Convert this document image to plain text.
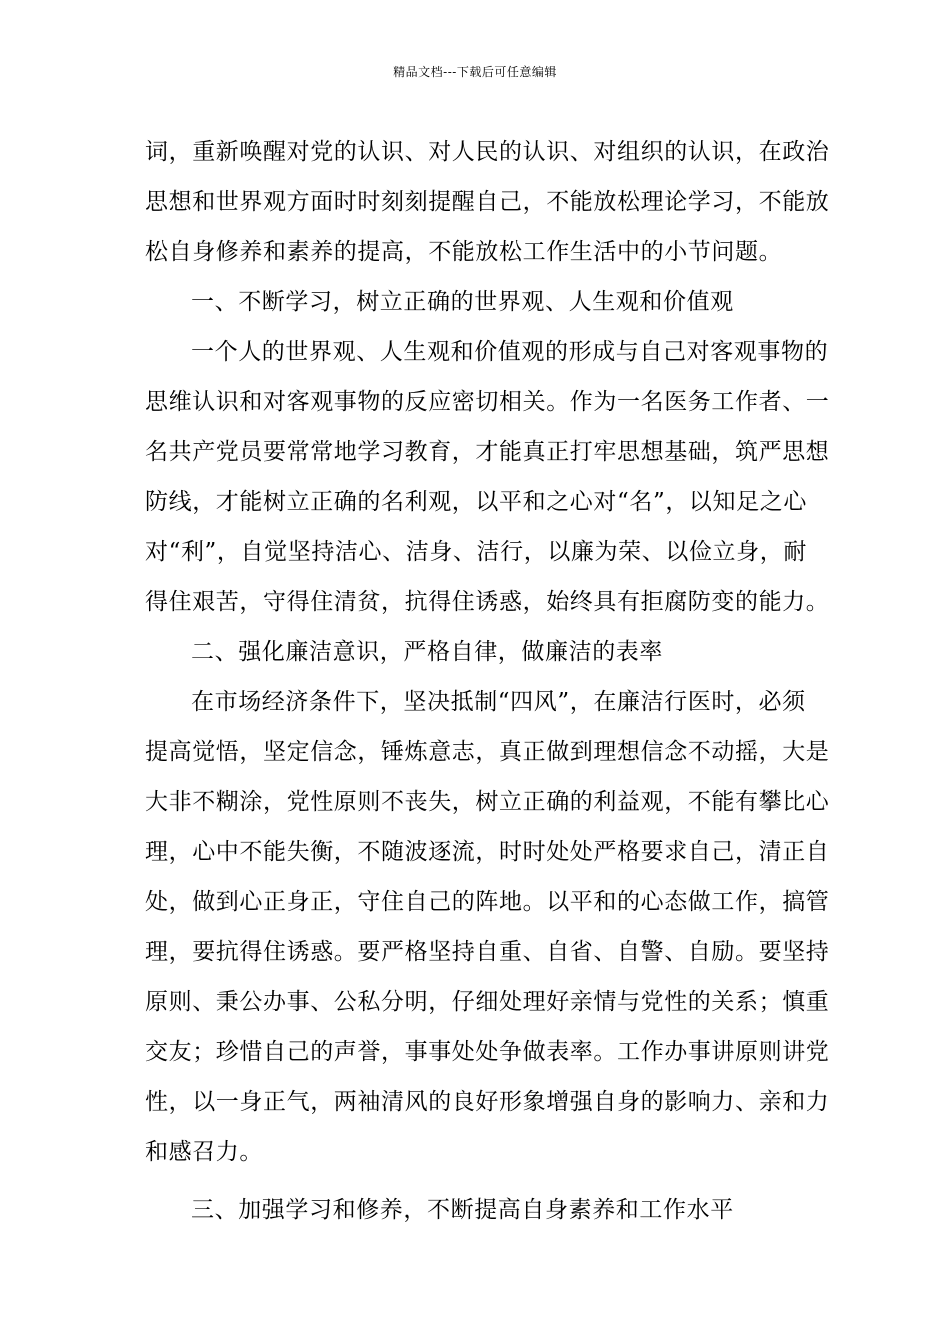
精品文档---下载后可任意编辑
词，重新唤醒对党的认识、对人民的认识、对组织的认识，在政治
思想和世界观方面时时刻刻提醒自己，不能放松理论学习，不能放
松自身修养和素养的提高，不能放松工作生活中的小节问题。
一、不断学习，树立正确的世界观、人生观和价值观
一个人的世界观、人生观和价值观的形成与自己对客观事物的
思维认识和对客观事物的反应密切相关。作为一名医务工作者、一
名共产党员要常常地学习教育，才能真正打牢思想基础，筑严思想
防线，才能树立正确的名利观，以平和之心对“名”，以知足之心
对“利”，自觉坚持洁心、洁身、洁行，以廉为荣、以俭立身，耐
得住艰苦，守得住清贫，抗得住诱惑，始终具有拒腐防变的能力。
二、强化廉洁意识，严格自律，做廉洁的表率
在市场经济条件下，坚决抵制“四风”，在廉洁行医时，必须
提高觉悟，坚定信念，锤炼意志，真正做到理想信念不动摇，大是
大非不糊涂，党性原则不丧失，树立正确的利益观，不能有攀比心
理，心中不能失衡，不随波逐流，时时处处严格要求自己，清正自
处，做到心正身正，守住自己的阵地。以平和的心态做工作，搞管
理，要抗得住诱惑。要严格坚持自重、自省、自警、自励。要坚持
原则、秉公办事、公私分明，仔细处理好亲情与党性的关系；慎重
交友；珍惜自己的声誉，事事处处争做表率。工作办事讲原则讲党
性，以一身正气，两袖清风的良好形象增强自身的影响力、亲和力
和感召力。
三、加强学习和修养，不断提高自身素养和工作水平
